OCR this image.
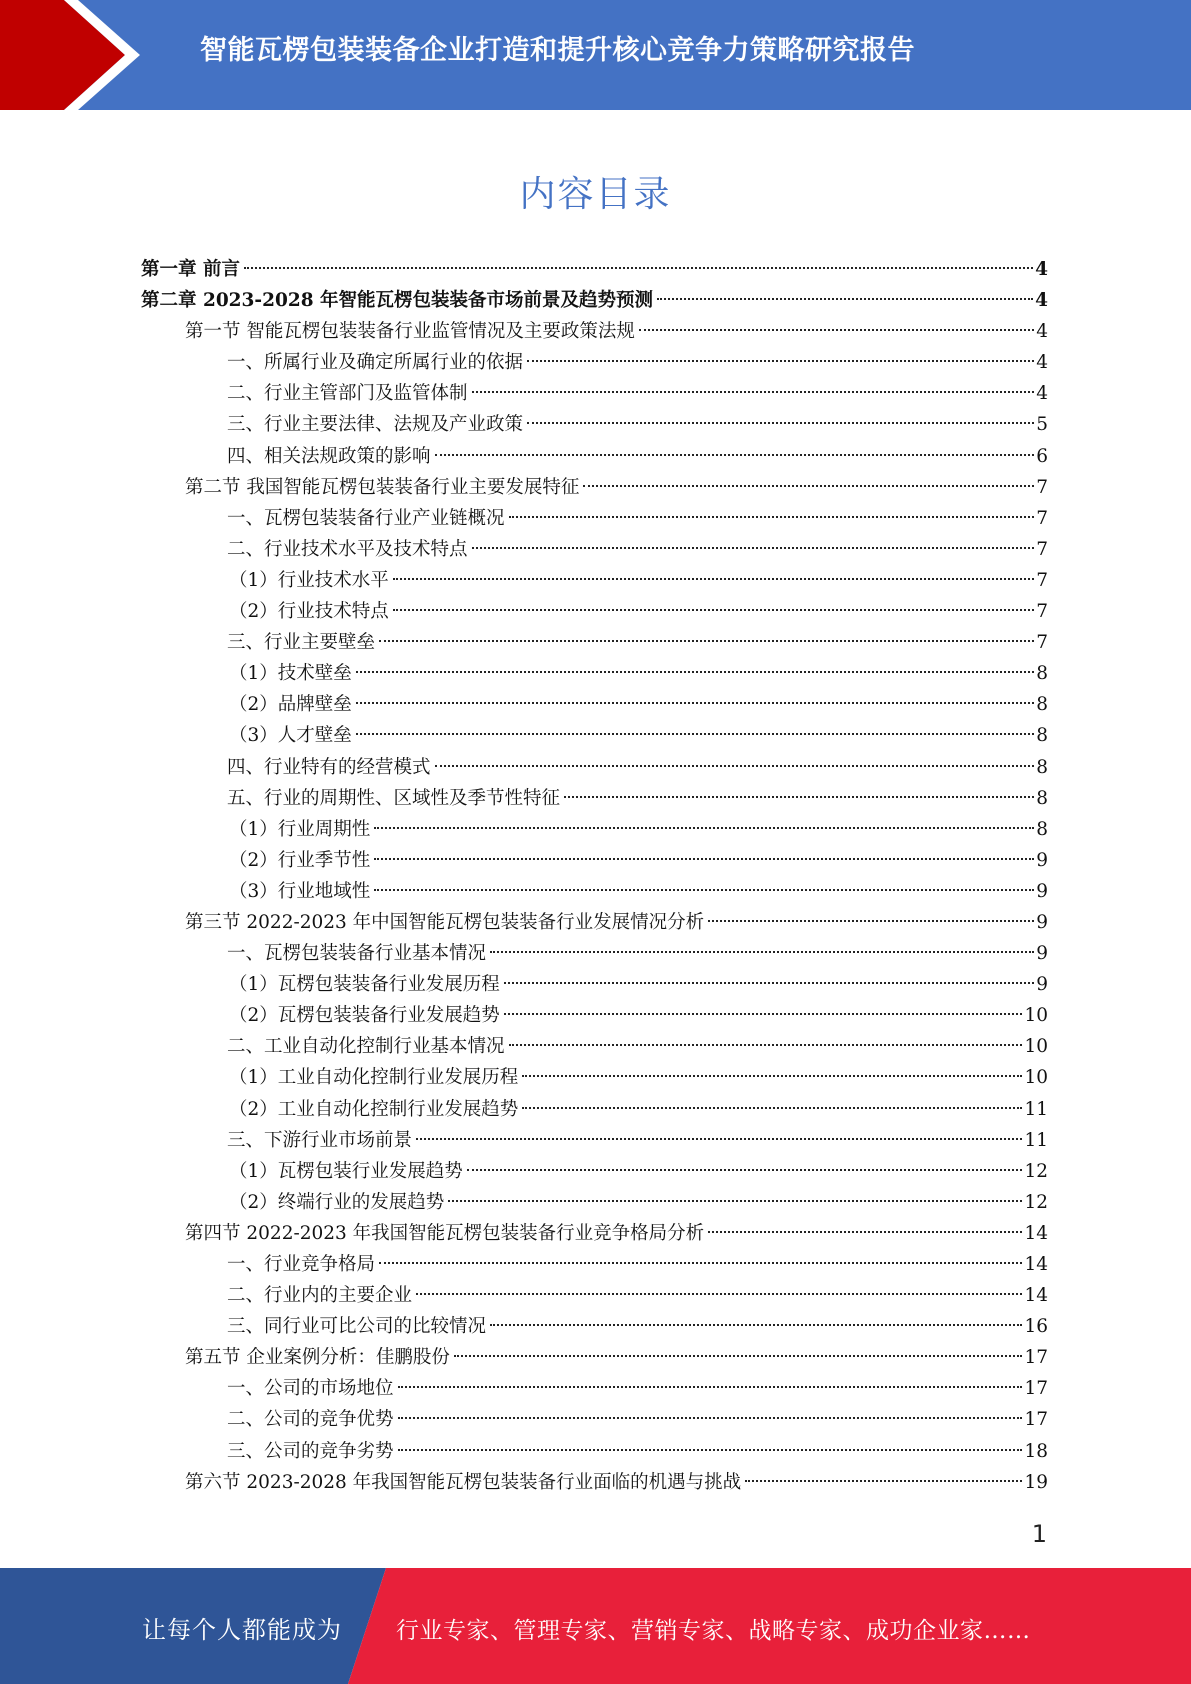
智能瓦楞包装装备企业打造和提升核心竞争力策略研究报告
内容目录
第一章 前言	4
第二章 2023-2028 年智能瓦楞包装装备市场前景及趋势预测	4
第一节 智能瓦楞包装装备行业监管情况及主要政策法规	4
一、所属行业及确定所属行业的依据	4
二、行业主管部门及监管体制	4
三、行业主要法律、法规及产业政策	5
四、相关法规政策的影响	6
第二节 我国智能瓦楞包装装备行业主要发展特征	7
一、瓦楞包装装备行业产业链概况	7
二、行业技术水平及技术特点	7
（1）行业技术水平	7
（2）行业技术特点	7
三、行业主要壁垒	7
（1）技术壁垒	8
（2）品牌壁垒	8
（3）人才壁垒	8
四、行业特有的经营模式	8
五、行业的周期性、区域性及季节性特征	8
（1）行业周期性	8
（2）行业季节性	9
（3）行业地域性	9
第三节 2022-2023 年中国智能瓦楞包装装备行业发展情况分析	9
一、瓦楞包装装备行业基本情况	9
（1）瓦楞包装装备行业发展历程	9
（2）瓦楞包装装备行业发展趋势	10
二、工业自动化控制行业基本情况	10
（1）工业自动化控制行业发展历程	10
（2）工业自动化控制行业发展趋势	11
三、下游行业市场前景	11
（1）瓦楞包装行业发展趋势	12
（2）终端行业的发展趋势	12
第四节 2022-2023 年我国智能瓦楞包装装备行业竞争格局分析	14
一、行业竞争格局	14
二、行业内的主要企业	14
三、同行业可比公司的比较情况	16
第五节 企业案例分析：佳鹏股份	17
一、公司的市场地位	17
二、公司的竞争优势	17
三、公司的竞争劣势	18
第六节 2023-2028 年我国智能瓦楞包装装备行业面临的机遇与挑战	19
1
让每个人都能成为 行业专家、管理专家、营销专家、战略专家、成功企业家……
